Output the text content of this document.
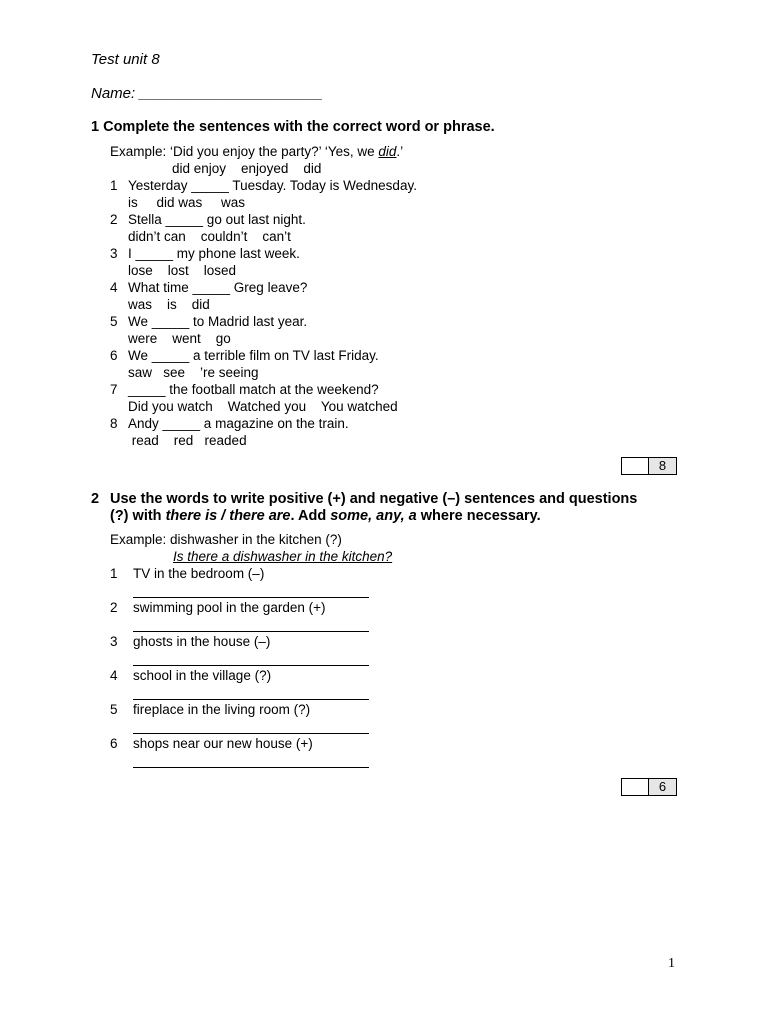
Test unit 8
Name: ______________________
1 Complete the sentences with the correct word or phrase.
Example: ‘Did you enjoy the party?’ ‘Yes, we did.’
did enjoy    enjoyed    did
1 Yesterday _____ Tuesday. Today is Wednesday.
is     did was     was
2 Stella _____ go out last night.
didn’t can    couldn’t    can’t
3 I _____ my phone last week.
lose    lost    losed
4 What time _____ Greg leave?
was    is    did
5 We _____ to Madrid last year.
were    went    go
6 We _____ a terrible film on TV last Friday.
saw   see    ’re seeing
7 _____ the football match at the weekend?
Did you watch    Watched you    You watched
8 Andy _____ a magazine on the train.
read    red   readed
8
2 Use the words to write positive (+) and negative (–) sentences and questions
(?) with there is / there are. Add some, any, a where necessary.
Example: dishwasher in the kitchen (?)
Is there a dishwasher in the kitchen?
1 TV in the bedroom (–)
2 swimming pool in the garden (+)
3 ghosts in the house (–)
4 school in the village (?)
5 fireplace in the living room (?)
6 shops near our new house (+)
6
1
